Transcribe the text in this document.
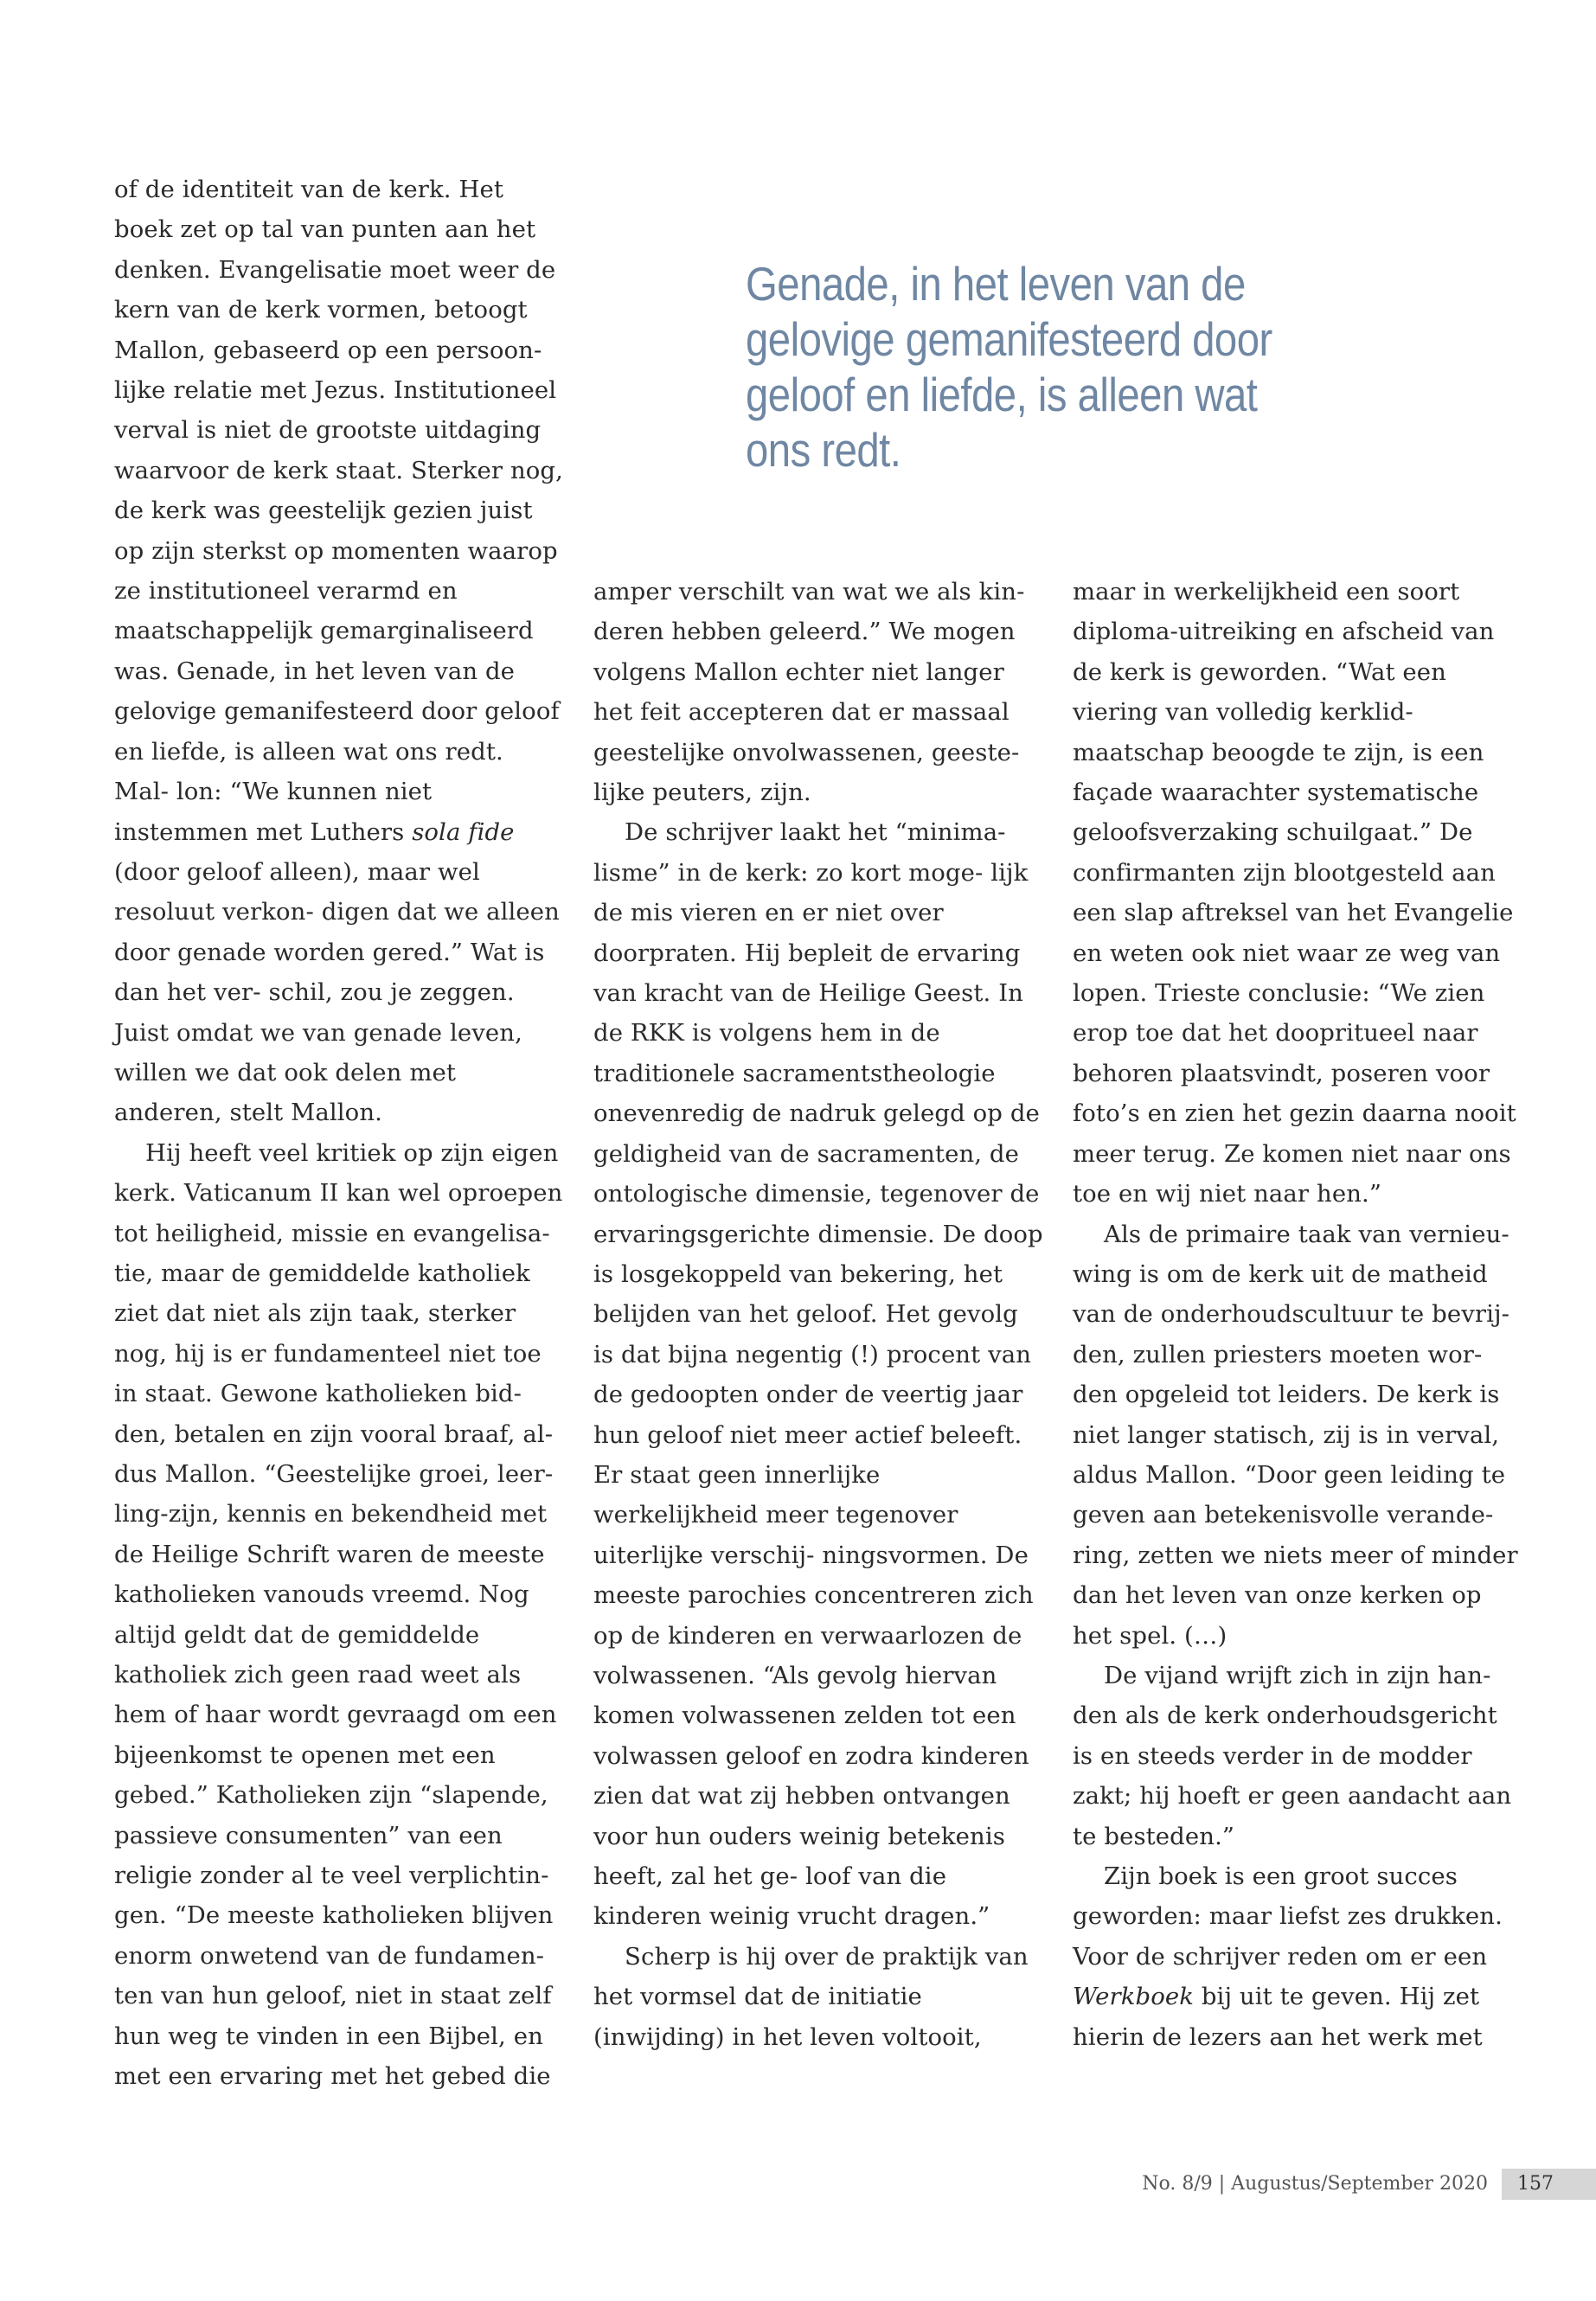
of de identiteit van de kerk. Het boek zet op tal van punten aan het denken. Evangelisatie moet weer de kern van de kerk vormen, betoogt Mallon, gebaseerd op een persoon- lijke relatie met Jezus. Institutioneel verval is niet de grootste uitdaging waarvoor de kerk staat. Sterker nog, de kerk was geestelijk gezien juist op zijn sterkst op momenten waarop ze institutioneel verarmd en maatschappelijk gemarginaliseerd was. Genade, in het leven van de gelovige gemanifesteerd door geloof en liefde, is alleen wat ons redt. Mal- lon: “We kunnen niet instemmen met Luthers sola fide (door geloof alleen), maar wel resoluut verkon- digen dat we alleen door genade worden gered.” Wat is dan het ver- schil, zou je zeggen. Juist omdat we van genade leven, willen we dat ook delen met anderen, stelt Mallon.

Hij heeft veel kritiek op zijn eigen kerk. Vaticanum II kan wel oproepen tot heiligheid, missie en evangelisa- tie, maar de gemiddelde katholiek ziet dat niet als zijn taak, sterker nog, hij is er fundamenteel niet toe in staat. Gewone katholieken bid- den, betalen en zijn vooral braaf, al- dus Mallon. “Geestelijke groei, leer- ling-zijn, kennis en bekendheid met de Heilige Schrift waren de meeste katholieken vanouds vreemd. Nog altijd geldt dat de gemiddelde katholiek zich geen raad weet als hem of haar wordt gevraagd om een bijeenkomst te openen met een gebed.” Katholieken zijn “slapende, passieve consumenten” van een religie zonder al te veel verplichtin- gen. “De meeste katholieken blijven enorm onwetend van de fundamen- ten van hun geloof, niet in staat zelf hun weg te vinden in een Bijbel, en met een ervaring met het gebed die

Genade, in het leven van de gelovige gemanifesteerd door geloof en liefde, is alleen wat ons redt.

amper verschilt van wat we als kin- deren hebben geleerd.” We mogen volgens Mallon echter niet langer het feit accepteren dat er massaal geestelijke onvolwassenen, geeste- lijke peuters, zijn.

De schrijver laakt het “minima- lisme” in de kerk: zo kort moge- lijk de mis vieren en er niet over doorpraten. Hij bepleit de ervaring van kracht van de Heilige Geest. In de RKK is volgens hem in de traditionele sacramentstheologie onevenredig de nadruk gelegd op de geldigheid van de sacramenten, de ontologische dimensie, tegenover de ervaringsgerichte dimensie. De doop is losgekoppeld van bekering, het belijden van het geloof. Het gevolg is dat bijna negentig (!) procent van de gedoopten onder de veertig jaar hun geloof niet meer actief beleeft. Er staat geen innerlijke werkelijkheid meer tegenover uiterlijke verschij- ningsvormen. De meeste parochies concentreren zich op de kinderen en verwaarlozen de volwassenen. “Als gevolg hiervan komen volwassenen zelden tot een volwassen geloof en zodra kinderen zien dat wat zij hebben ontvangen voor hun ouders weinig betekenis heeft, zal het ge- loof van die kinderen weinig vrucht dragen.”

Scherp is hij over de praktijk van het vormsel dat de initiatie (inwijding) in het leven voltooit,

maar in werkelijkheid een soort diploma-uitreiking en afscheid van de kerk is geworden. “Wat een viering van volledig kerklid- maatschap beoogde te zijn, is een façade waarachter systematische geloofsverzaking schuilgaat.” De confirmanten zijn blootgesteld aan een slap aftreksel van het Evangelie en weten ook niet waar ze weg van lopen. Trieste conclusie: “We zien erop toe dat het doopritueel naar behoren plaatsvindt, poseren voor foto’s en zien het gezin daarna nooit meer terug. Ze komen niet naar ons toe en wij niet naar hen.”

Als de primaire taak van vernieu- wing is om de kerk uit de matheid van de onderhoudscultuur te bevrij- den, zullen priesters moeten wor- den opgeleid tot leiders. De kerk is niet langer statisch, zij is in verval, aldus Mallon. “Door geen leiding te geven aan betekenisvolle verande- ring, zetten we niets meer of minder dan het leven van onze kerken op het spel. (…)

De vijand wrijft zich in zijn han- den als de kerk onderhoudsgericht is en steeds verder in de modder zakt; hij hoeft er geen aandacht aan te besteden.”

Zijn boek is een groot succes geworden: maar liefst zes drukken. Voor de schrijver reden om er een Werkboek bij uit te geven. Hij zet hierin de lezers aan het werk met

No. 8/9 | Augustus/September 2020	157
